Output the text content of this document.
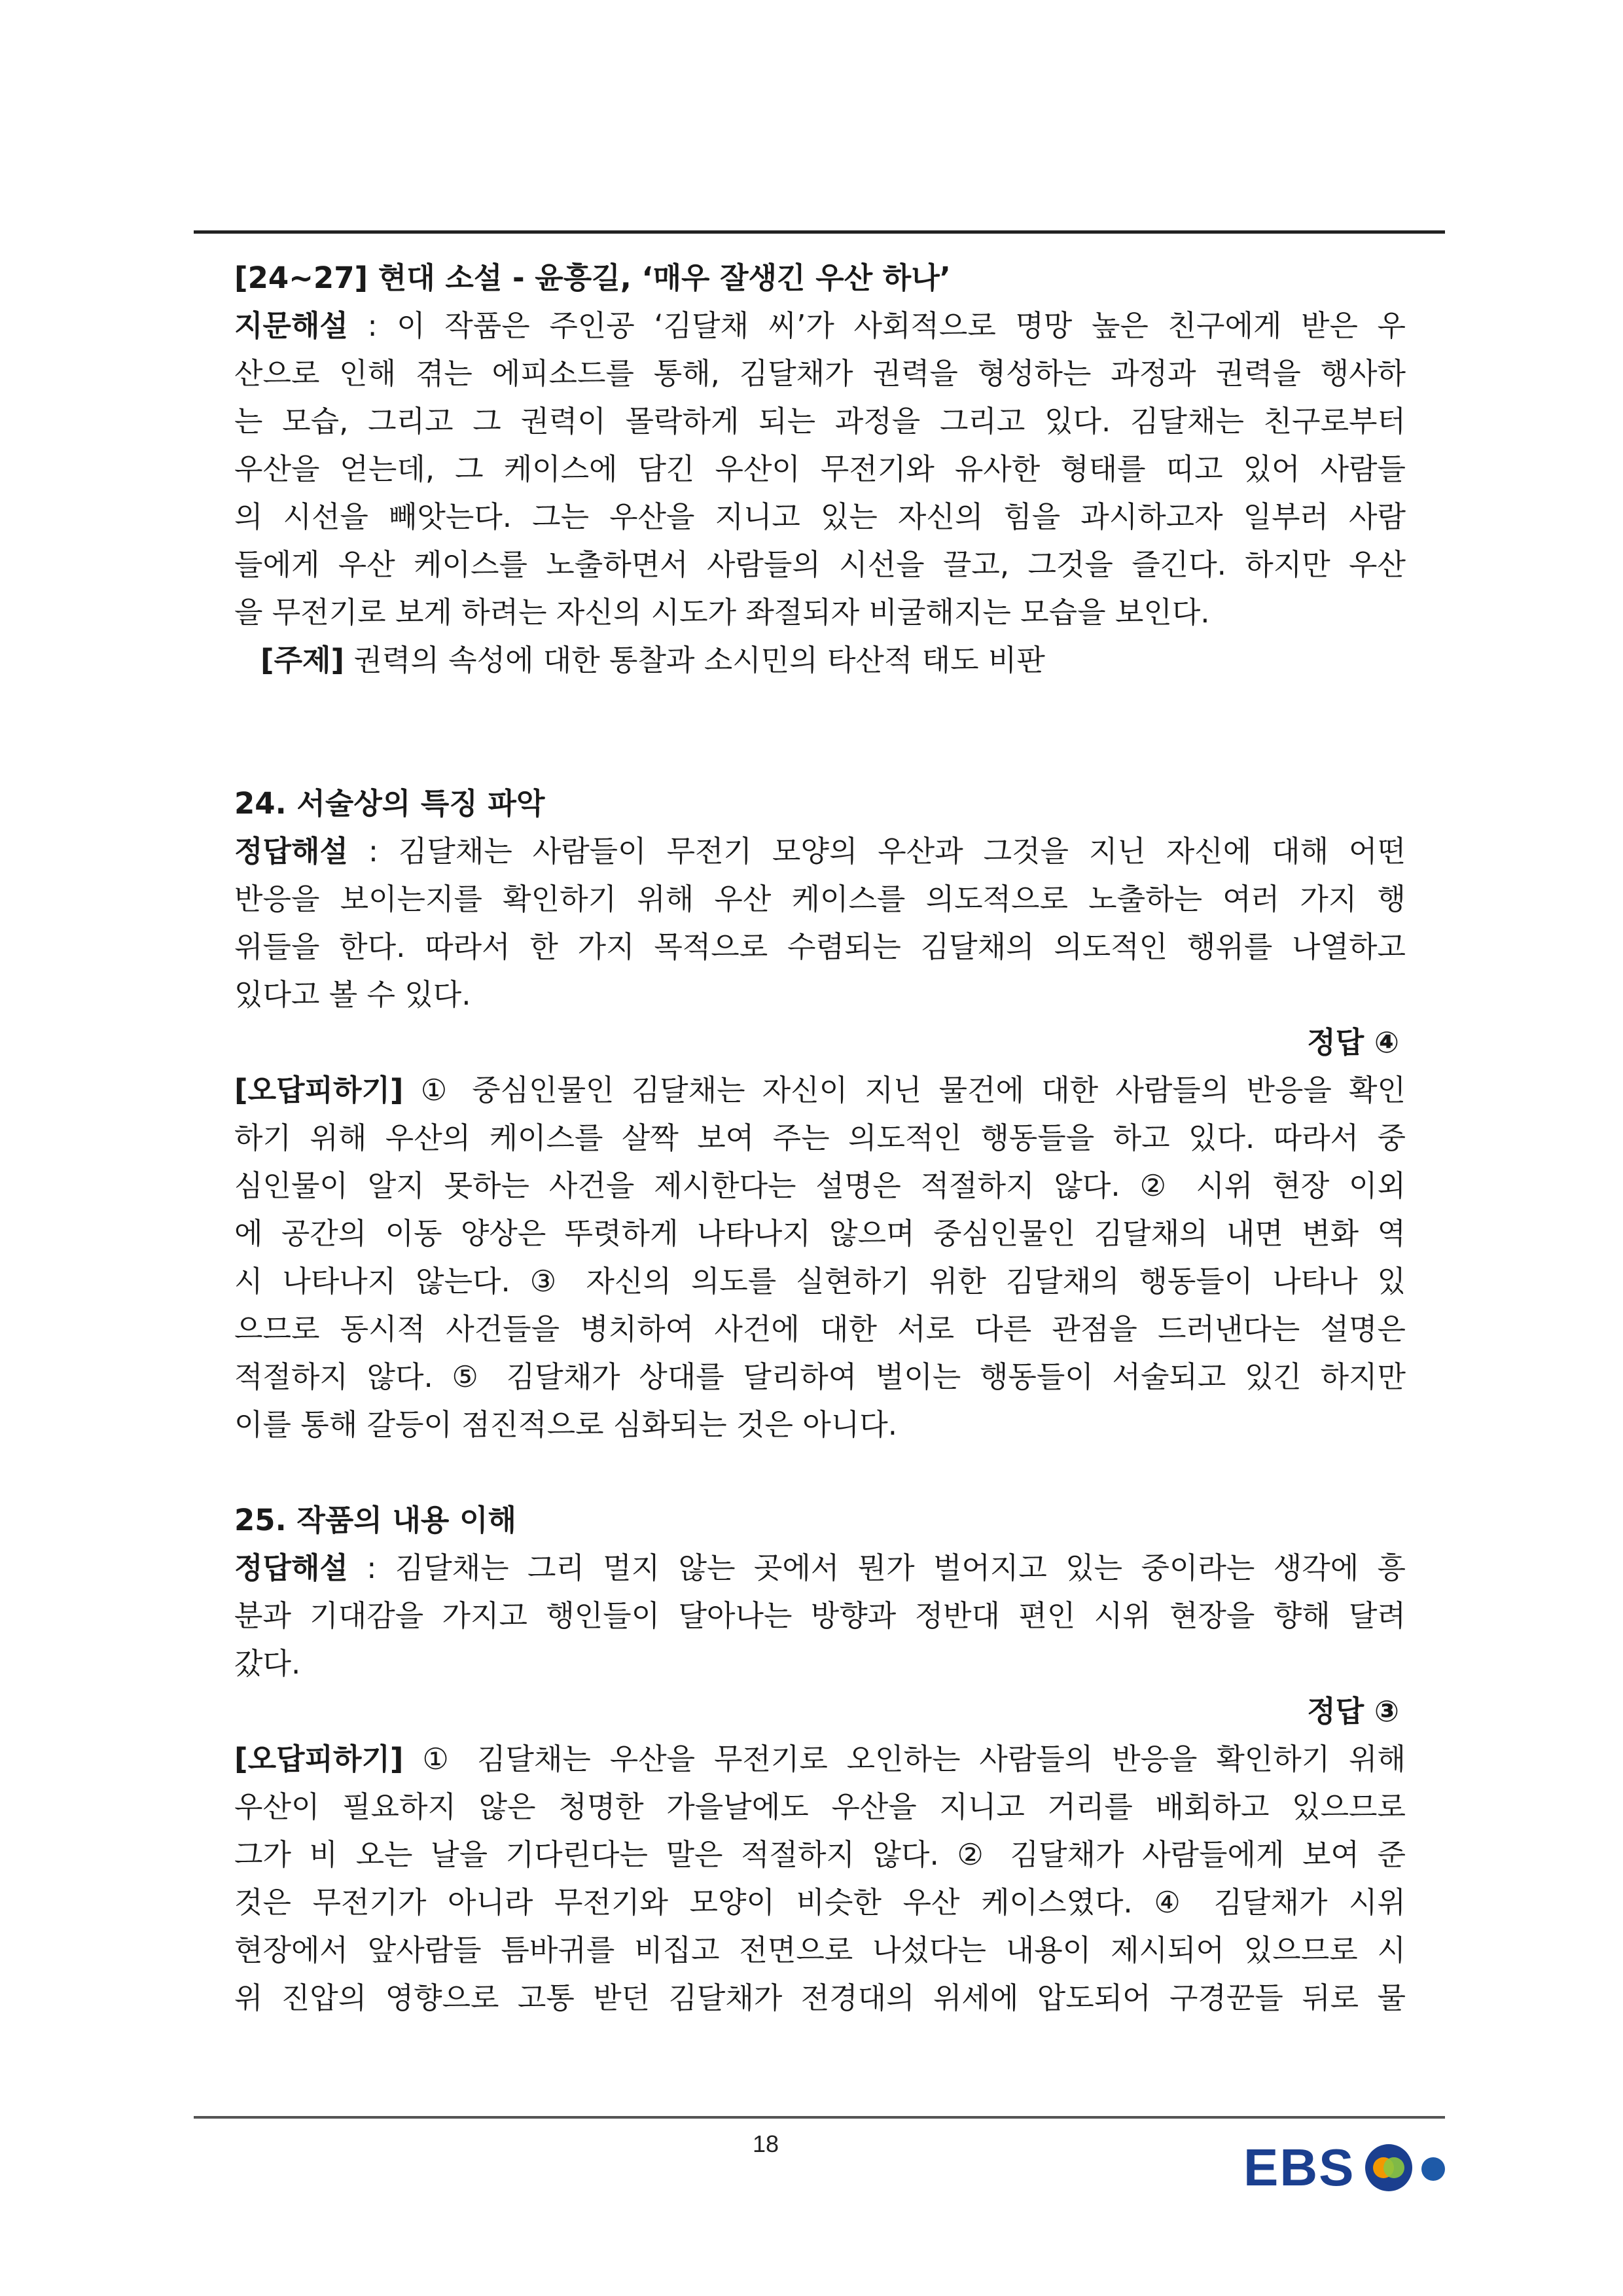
[24~27] 현대 소설 - 윤흥길, ‘매우 잘생긴 우산 하나’
지문해설 : 이 작품은 주인공 ‘김달채 씨’가 사회적으로 명망 높은 친구에게 받은 우
산으로 인해 겪는 에피소드를 통해, 김달채가 권력을 형성하는 과정과 권력을 행사하
는 모습, 그리고 그 권력이 몰락하게 되는 과정을 그리고 있다. 김달채는 친구로부터
우산을 얻는데, 그 케이스에 담긴 우산이 무전기와 유사한 형태를 띠고 있어 사람들
의 시선을 빼앗는다. 그는 우산을 지니고 있는 자신의 힘을 과시하고자 일부러 사람
들에게 우산 케이스를 노출하면서 사람들의 시선을 끌고, 그것을 즐긴다. 하지만 우산
을 무전기로 보게 하려는 자신의 시도가 좌절되자 비굴해지는 모습을 보인다.
[주제] 권력의 속성에 대한 통찰과 소시민의 타산적 태도 비판
24. 서술상의 특징 파악
정답해설 : 김달채는 사람들이 무전기 모양의 우산과 그것을 지닌 자신에 대해 어떤
반응을 보이는지를 확인하기 위해 우산 케이스를 의도적으로 노출하는 여러 가지 행
위들을 한다. 따라서 한 가지 목적으로 수렴되는 김달채의 의도적인 행위를 나열하고
있다고 볼 수 있다.
정답 ④
[오답피하기] ① 중심인물인 김달채는 자신이 지닌 물건에 대한 사람들의 반응을 확인
하기 위해 우산의 케이스를 살짝 보여 주는 의도적인 행동들을 하고 있다. 따라서 중
심인물이 알지 못하는 사건을 제시한다는 설명은 적절하지 않다. ② 시위 현장 이외
에 공간의 이동 양상은 뚜렷하게 나타나지 않으며 중심인물인 김달채의 내면 변화 역
시 나타나지 않는다. ③ 자신의 의도를 실현하기 위한 김달채의 행동들이 나타나 있
으므로 동시적 사건들을 병치하여 사건에 대한 서로 다른 관점을 드러낸다는 설명은
적절하지 않다. ⑤ 김달채가 상대를 달리하여 벌이는 행동들이 서술되고 있긴 하지만
이를 통해 갈등이 점진적으로 심화되는 것은 아니다.
25. 작품의 내용 이해
정답해설 : 김달채는 그리 멀지 않는 곳에서 뭔가 벌어지고 있는 중이라는 생각에 흥
분과 기대감을 가지고 행인들이 달아나는 방향과 정반대 편인 시위 현장을 향해 달려
갔다.
정답 ③
[오답피하기] ① 김달채는 우산을 무전기로 오인하는 사람들의 반응을 확인하기 위해
우산이 필요하지 않은 청명한 가을날에도 우산을 지니고 거리를 배회하고 있으므로
그가 비 오는 날을 기다린다는 말은 적절하지 않다. ② 김달채가 사람들에게 보여 준
것은 무전기가 아니라 무전기와 모양이 비슷한 우산 케이스였다. ④ 김달채가 시위
현장에서 앞사람들 틈바귀를 비집고 전면으로 나섰다는 내용이 제시되어 있으므로 시
위 진압의 영향으로 고통 받던 김달채가 전경대의 위세에 압도되어 구경꾼들 뒤로 물
18	EBS
